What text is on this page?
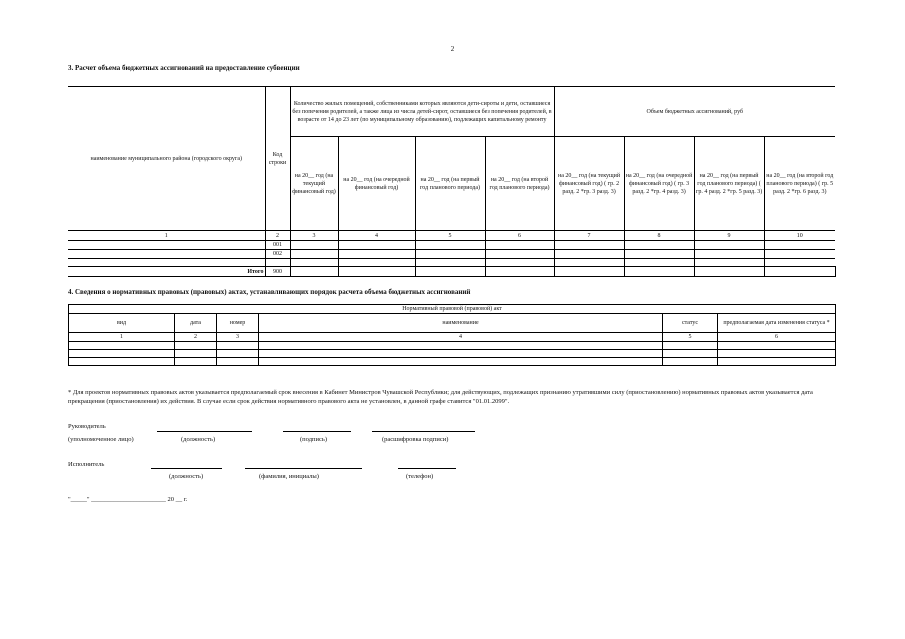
2
3. Расчет объема бюджетных ассигнований на предоставление субвенции
наименование муниципального района (городского округа)	Код строки	Количество жилых помещений, собственниками которых являются дети-сироты и дети, оставшиеся без попечения родителей, а также лица из числа детей-сирот, оставшиеся без попечения родителей, в возрасте от 14 до 23 лет (по муниципальному образованию), подлежащих капитальному ремонту				Объем бюджетных ассигнований, руб			
		на 20__ год (на текущий финансовый год)	на 20__ год (на очередной финансовый год)	на 20__ год (на первый год планового периода)	на 20__ год (на второй год планового периода)	на 20__ год (на текущий финансовый год) ( гр. 2 разд. 2 *гр. 3 разд. 3)	на 20__ год (на очередной финансовый год) ( гр. 3 разд. 2 *гр. 4 разд. 3)	на 20__ год (на первый год планового периода) ( гр. 4 разд. 2 *гр. 5 разд. 3)	на 20__ год (на второй год планового периода) ( гр. 5 разд. 2 *гр. 6 разд. 3)
1	2	3	4	5	6	7	8	9	10
	001								
	002								

Итого	900								
4. Сведения о нормативных правовых (правовых) актах, устанавливающих порядок расчета объема бюджетных ассигнований
Нормативный правовой (правовой) акт					
вид	дата	номер	наименование	статус	предполагаемая дата изменения статуса *
1	2	3	4	5	6

* Для проектов нормативных правовых актов указывается предполагаемый срок внесения в Кабинет Министров Чувашской Республики; для действующих, подлежащих признанию утратившими силу (приостановлению) нормативных правовых актов указывается дата прекращения (приостановления) их действия. В случае если срок действия нормативного правового акта не установлен, в данной графе ставится "01.01.2099".
Руководитель
(уполномоченное лицо)	(должность)	(подпись)	(расшифровка подписи)
Исполнитель
(должность)	(фамилия, инициалы)	(телефон)
"_____" _______________________ 20 __ г.
